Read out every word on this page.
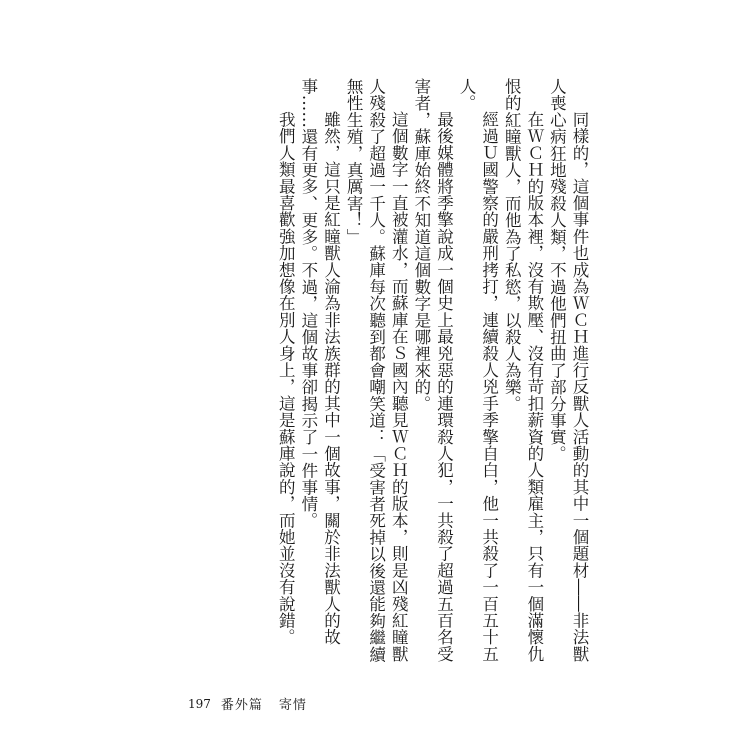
同樣的，這個事件也成為ＷＣＨ進行反獸人活動的其中一個題材――非法獸人喪心病狂地殘殺人類，不過他們扭曲了部分事實。

在ＷＣＨ的版本裡，沒有欺壓、沒有苛扣薪資的人類雇主，只有一個滿懷仇恨的紅瞳獸人，而他為了私慾，以殺人為樂。

經過Ｕ國警察的嚴刑拷打，連續殺人兇手季擎自白，他一共殺了一百五十五人。

最後媒體將季擎說成一個史上最兇惡的連環殺人犯，一共殺了超過五百名受害者，蘇庫始終不知道這個數字是哪裡來的。

這個數字一直被灌水，而蘇庫在Ｓ國內聽見ＷＣＨ的版本，則是凶殘紅瞳獸人殘殺了超過一千人。蘇庫每次聽到都會嘲笑道：「受害者死掉以後還能夠繼續無性生殖，真厲害！」

雖然，這只是紅瞳獸人淪為非法族群的其中一個故事，關於非法獸人的故事……還有更多、更多。不過，這個故事卻揭示了一件事情。

我們人類最喜歡強加想像在別人身上，這是蘇庫說的，而她並沒有說錯。

197 番外篇 寄情
